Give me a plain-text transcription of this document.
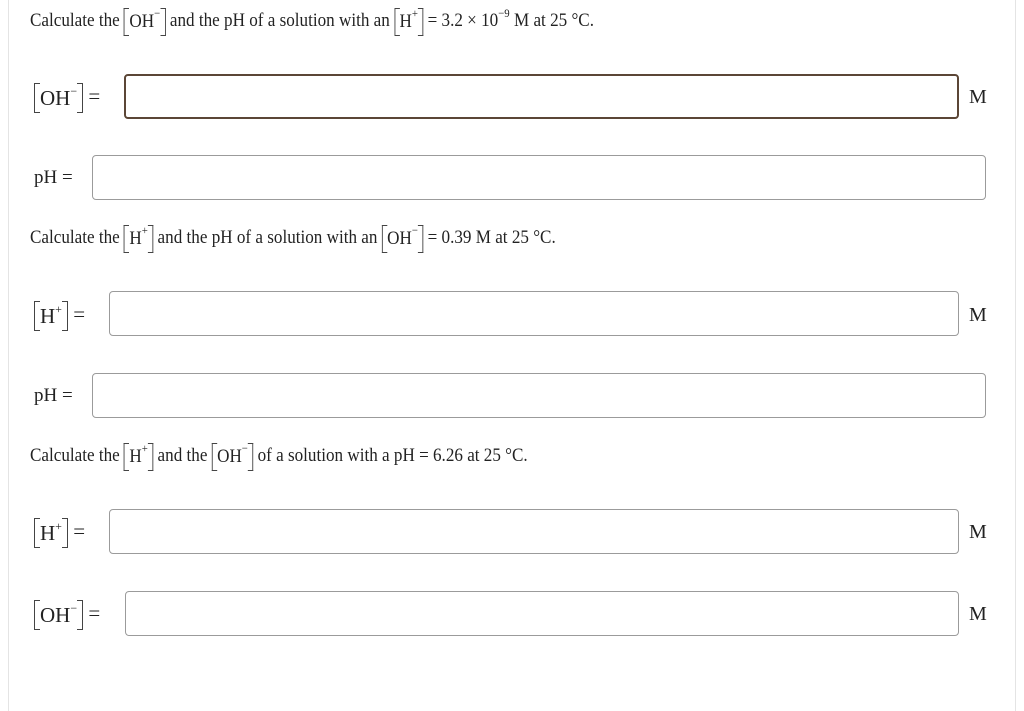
Calculate the OH− and the pH of a solution with an $H^+ = 3.2 \times 10^{-9}$ M at 25 °C.
OH− =	M
pH =
Calculate the H+ and the pH of a solution with an OH− = 0.39 M at 25 °C.
H+ =	M
pH =
Calculate the H+ and the OH− of a solution with a pH = 6.26 at 25 °C.
H+ =	M
OH− =	M
